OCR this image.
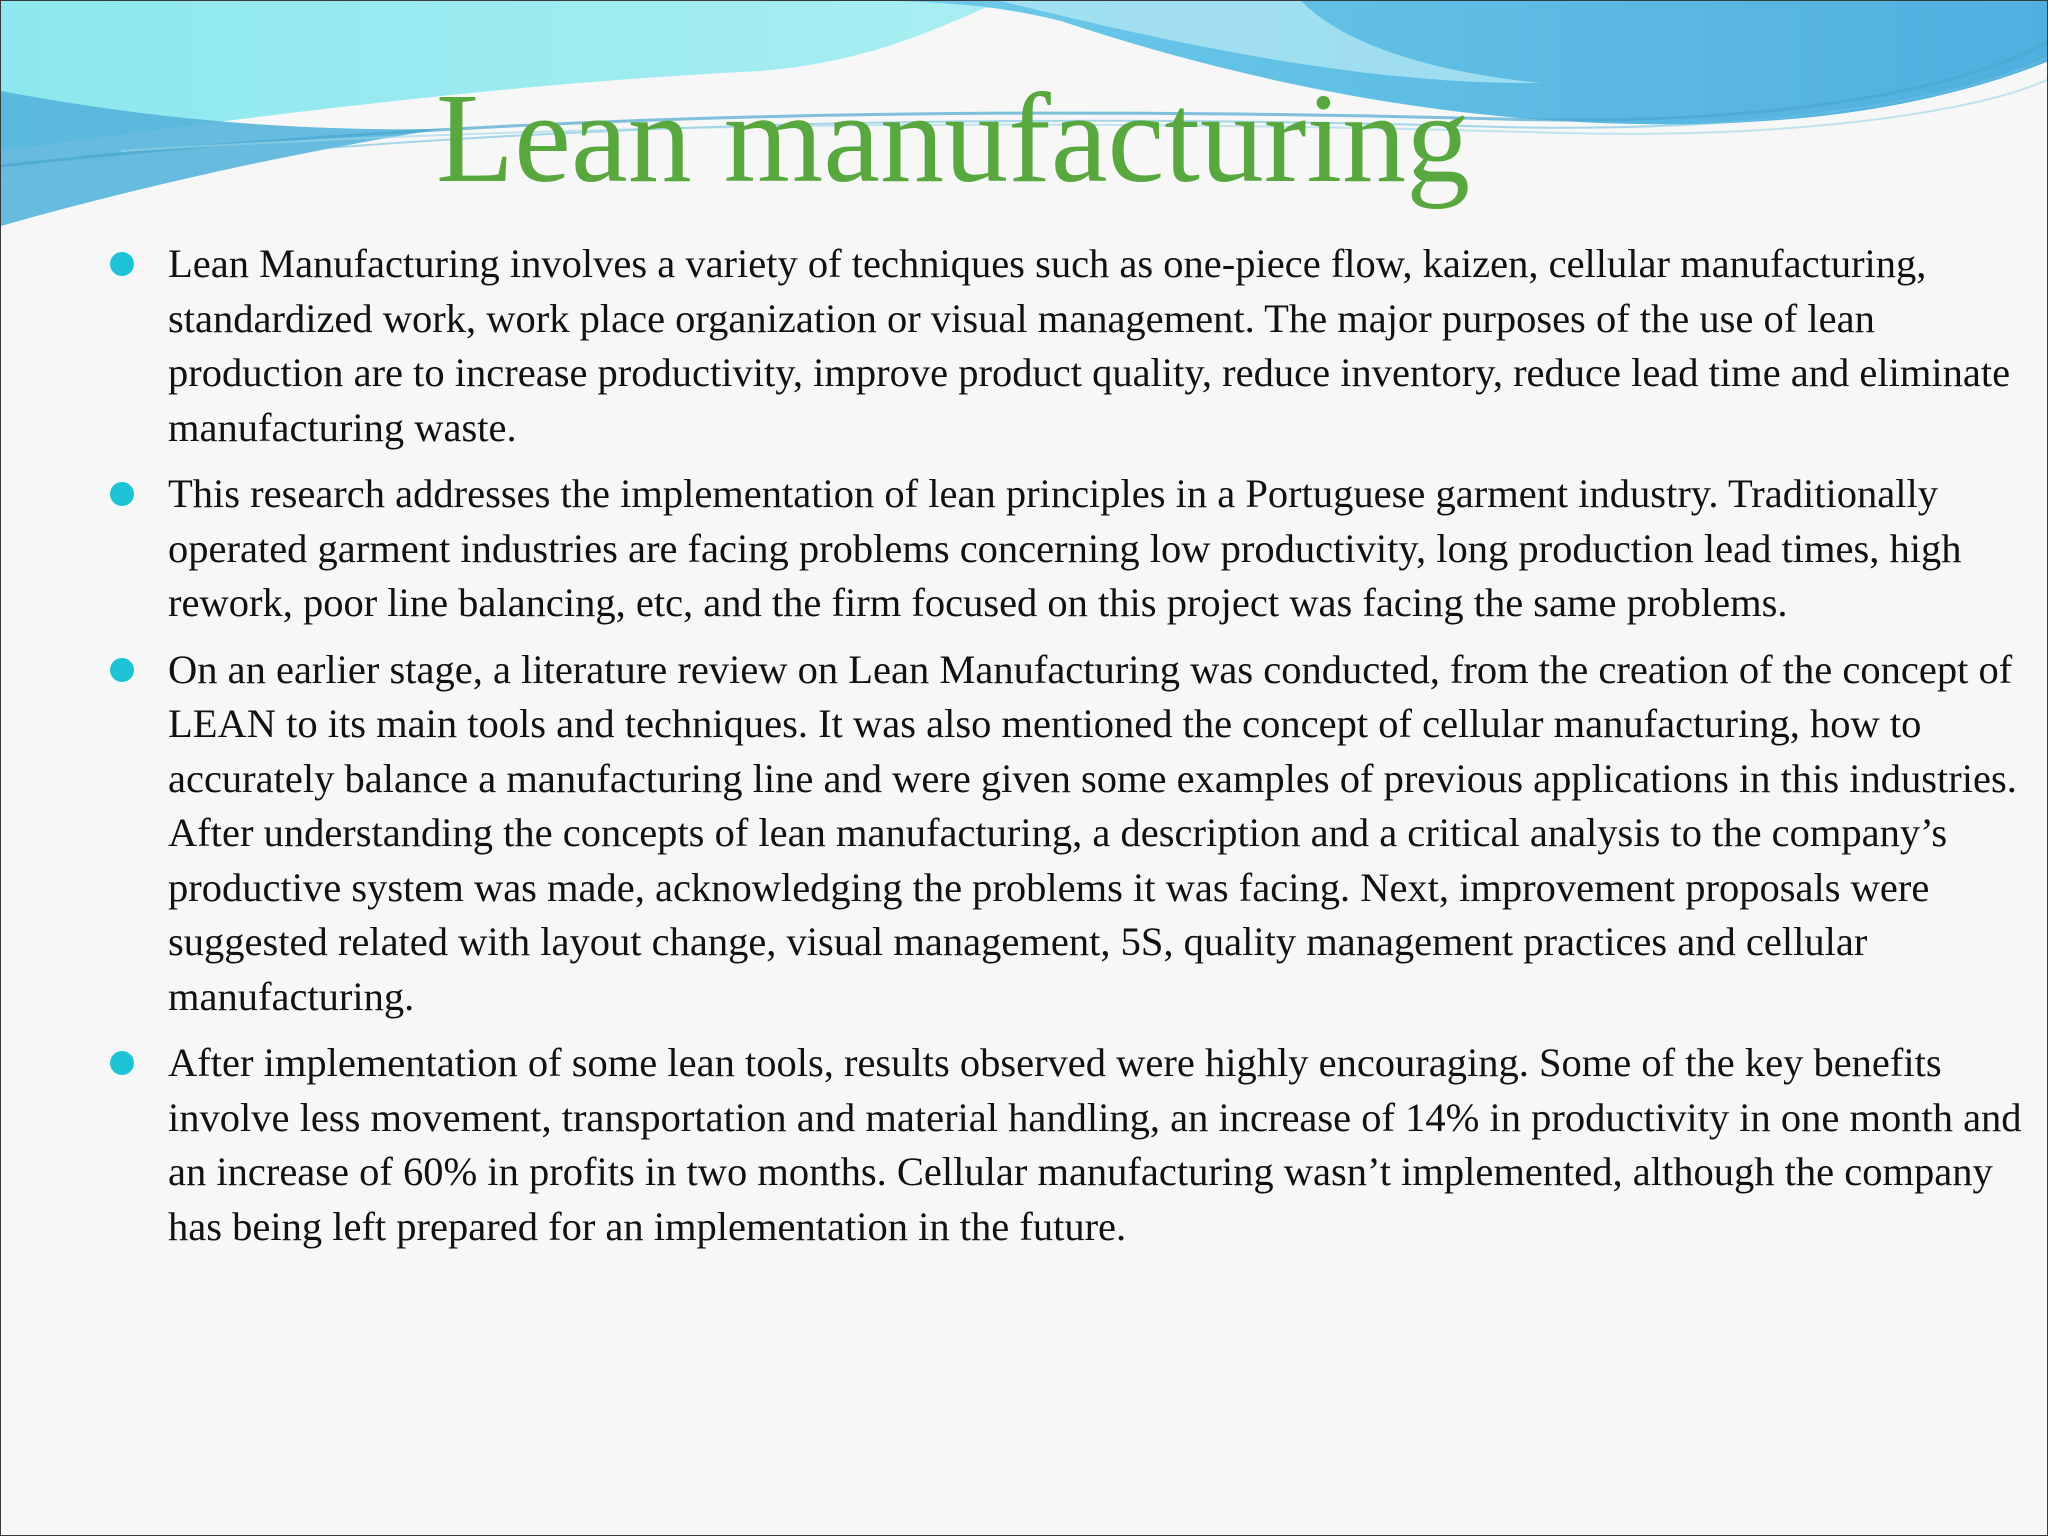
Lean manufacturing
Lean Manufacturing involves a variety of techniques such as one-piece flow, kaizen, cellular manufacturing, standardized work, work place organization or visual management. The major purposes of the use of lean production are to increase productivity, improve product quality, reduce inventory, reduce lead time and eliminate manufacturing waste.
This research addresses the implementation of lean principles in a Portuguese garment industry. Traditionally operated garment industries are facing problems concerning low productivity, long production lead times, high rework, poor line balancing, etc, and the firm focused on this project was facing the same problems.
On an earlier stage, a literature review on Lean Manufacturing was conducted, from the creation of the concept of LEAN to its main tools and techniques. It was also mentioned the concept of cellular manufacturing, how to accurately balance a manufacturing line and were given some examples of previous applications in this industries. After understanding the concepts of lean manufacturing, a description and a critical analysis to the company’s productive system was made, acknowledging the problems it was facing. Next, improvement proposals were suggested related with layout change, visual management, 5S, quality management practices and cellular manufacturing.
After implementation of some lean tools, results observed were highly encouraging. Some of the key benefits involve less movement, transportation and material handling, an increase of 14% in productivity in one month and an increase of 60% in profits in two months. Cellular manufacturing wasn’t implemented, although the company has being left prepared for an implementation in the future.
